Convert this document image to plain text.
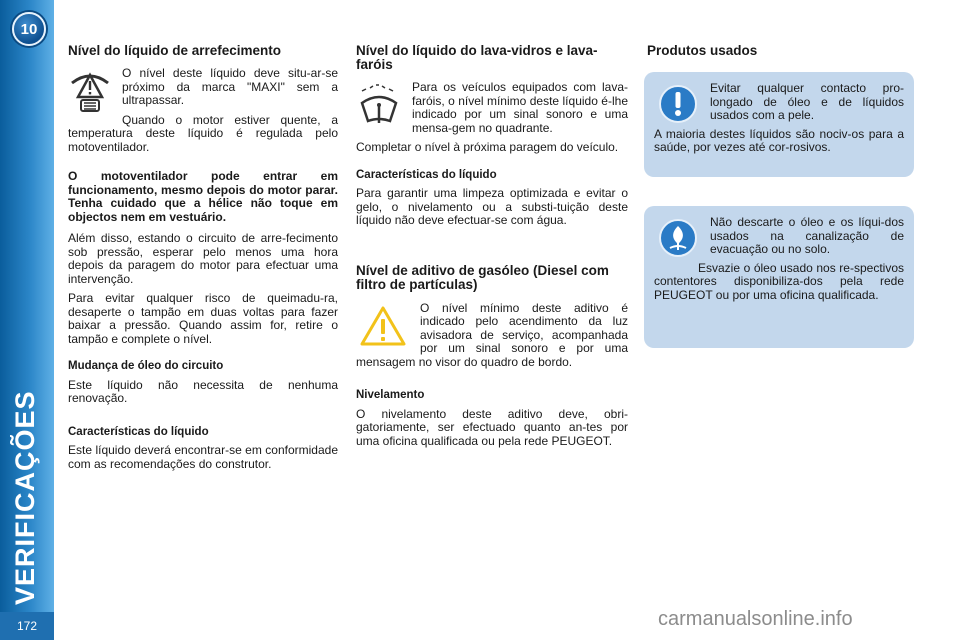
10
VERIFICAÇÕES
172
Nível do líquido de arrefecimento

O nível deste líquido deve situ-ar-se próximo da marca "MAXI" sem a ultrapassar.

Quando o motor estiver quente, a temperatura deste líquido é regulada pelo motoventilador.

O motoventilador pode entrar em funcionamento, mesmo depois do motor parar. Tenha cuidado que a hélice não toque em objectos nem em vestuário.

Além disso, estando o circuito de arre-fecimento sob pressão, esperar pelo menos uma hora depois da paragem do motor para efectuar uma intervenção.

Para evitar qualquer risco de queimadu-ra, desaperte o tampão em duas voltas para fazer baixar a pressão. Quando assim for, retire o tampão e complete o nível.

Mudança de óleo do circuito

Este líquido não necessita de nenhuma renovação.

Características do líquido

Este líquido deverá encontrar-se em conformidade com as recomendações do construtor.

Nível do líquido do lava-vidros e lava-faróis

Para os veículos equipados com lava-faróis, o nível mínimo deste líquido é-lhe indicado por um sinal sonoro e uma mensa-gem no quadrante.

Completar o nível à próxima paragem do veículo.

Características do líquido

Para garantir uma limpeza optimizada e evitar o gelo, o nivelamento ou a substi-tuição deste líquido não deve efectuar-se com água.

Nível de aditivo de gasóleo (Diesel com filtro de partículas)

O nível mínimo deste aditivo é indicado pelo acendimento da luz avisadora de serviço, acompanhada por um sinal sonoro e por uma mensagem no visor do quadro de bordo.

Nivelamento

O nivelamento deste aditivo deve, obri-gatoriamente, ser efectuado quanto an-tes por uma oficina qualificada ou pela rede PEUGEOT.

Produtos usados

Evitar qualquer contacto pro-longado de óleo e de líquidos usados com a pele.

A maioria destes líquidos são nociv-os para a saúde, por vezes até cor-rosivos.

Não descarte o óleo e os líqui-dos usados na canalização de evacuação ou no solo.

Esvazie o óleo usado nos re-spectivos contentores disponibiliza-dos pela rede PEUGEOT ou por uma oficina qualificada.

carmanualsonline.info
